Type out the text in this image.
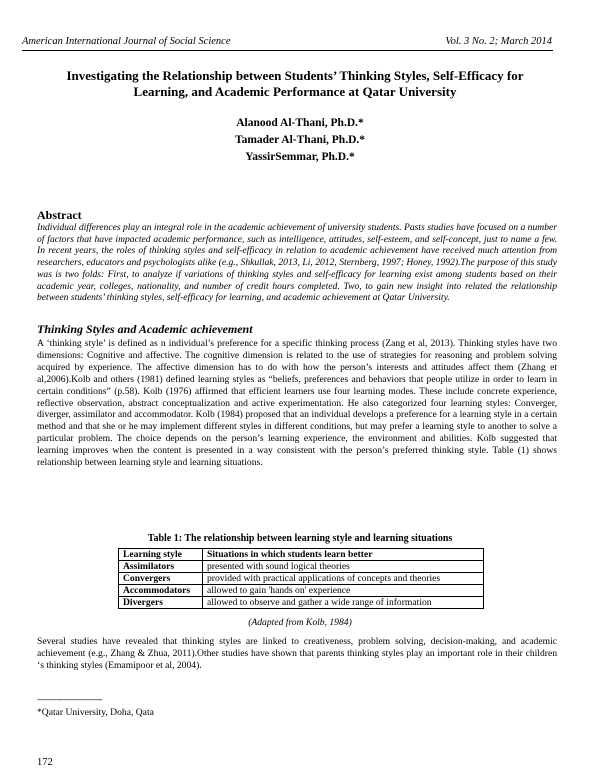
American International Journal of Social Science	Vol. 3 No. 2; March 2014
Investigating the Relationship between Students’ Thinking Styles, Self-Efficacy for Learning, and Academic Performance at Qatar University
Alanood Al-Thani, Ph.D.*
Tamader Al-Thani, Ph.D.*
YassirSemmar, Ph.D.*
Abstract
Individual differences play an integral role in the academic achievement of university students. Pasts studies have focused on a number of factors that have impacted academic performance, such as intelligence, attitudes, self-esteem, and self-concept, just to name a few. In recent years, the roles of thinking styles and self-efficacy in relation to academic achievement have received much attention from researchers, educators and psychologists alike (e.g., Shkullak, 2013, Li, 2012, Sternberg, 1997; Honey, 1992).The purpose of this study was is two folds: First, to analyze if variations of thinking styles and self-efficacy for learning exist among students based on their academic year, colleges, nationality, and number of credit hours completed. Two, to gain new insight into related the relationship between students’ thinking styles, self-efficacy for learning, and academic achievement at Qatar University.
Thinking Styles and Academic achievement
A ‘thinking style’ is defined as n individual’s preference for a specific thinking process (Zang et al, 2013). Thinking styles have two dimensions: Cognitive and affective. The cognitive dimension is related to the use of strategies for reasoning and problem solving acquired by experience. The affective dimension has to do with how the person’s interests and attitudes affect them (Zhang et al,2006).Kolb and others (1981) defined learning styles as “beliefs, preferences and behaviors that people utilize in order to learn in certain conditions” (p.58). Kolb (1976) affirmed that efficient learners use four learning modes. These include concrete experience, reflective observation, abstract conceptualization and active experimentation. He also categorized four learning styles: Converger, diverger, assimilator and accommodator. Kolb (1984) proposed that an individual develops a preference for a learning style in a certain method and that she or he may implement different styles in different conditions, but may prefer a learning style to another to solve a particular problem. The choice depends on the person’s learning experience, the environment and abilities. Kolb suggested that learning improves when the content is presented in a way consistent with the person’s preferred thinking style. Table (1) shows relationship between learning style and learning situations.
Table 1: The relationship between learning style and learning situations
Learning style	Situations in which students learn better
Assimilators	presented with sound logical theories
Convergers	provided with practical applications of concepts and theories
Accommodators	allowed to gain 'hands on' experience
Divergers	allowed to observe and gather a wide range of information
(Adapted from Kolb, 1984)
Several studies have revealed that thinking styles are linked to creativeness, problem solving, decision-making, and academic achievement (e.g., Zhang & Zhua, 2011).Other studies have shown that parents thinking styles play an important role in their children ‘s thinking styles (Emamipoor et al, 2004).
------------------------------
*Qatar University, Doha, Qata
172
